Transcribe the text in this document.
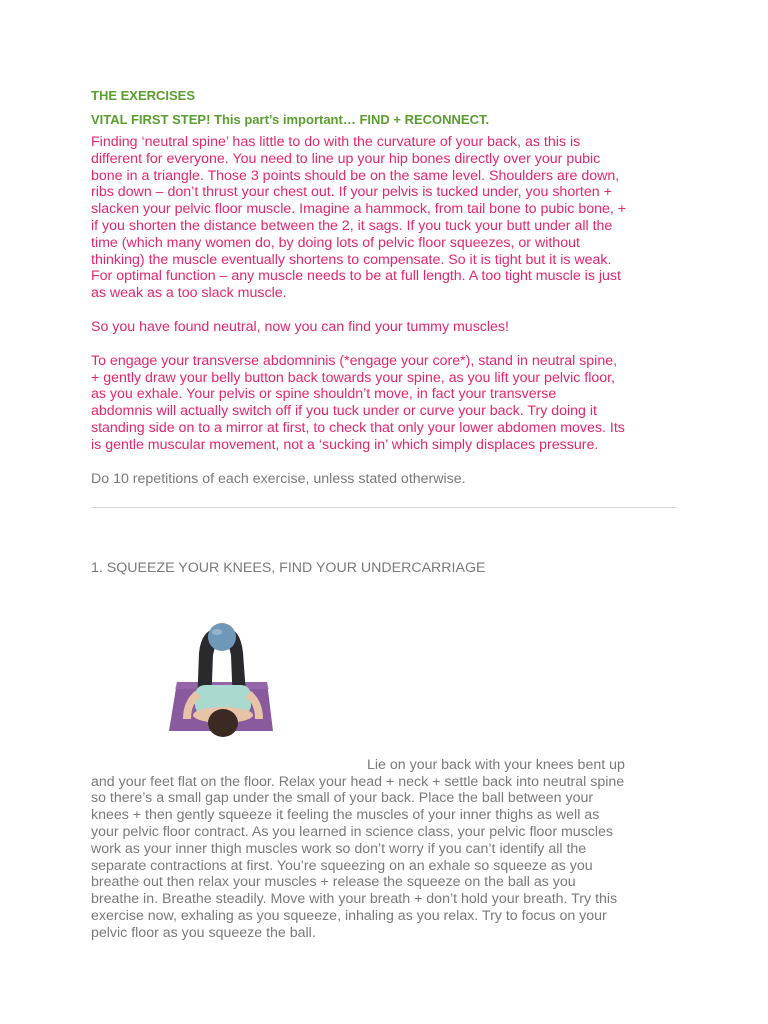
THE EXERCISES

VITAL FIRST STEP! This part’s important… FIND + RECONNECT.

Finding ‘neutral spine’ has little to do with the curvature of your back, as this is
different for everyone. You need to line up your hip bones directly over your pubic
bone in a triangle. Those 3 points should be on the same level. Shoulders are down,
ribs down – don’t thrust your chest out. If your pelvis is tucked under, you shorten +
slacken your pelvic floor muscle. Imagine a hammock, from tail bone to pubic bone, +
if you shorten the distance between the 2, it sags. If you tuck your butt under all the
time (which many women do, by doing lots of pelvic floor squeezes, or without
thinking) the muscle eventually shortens to compensate. So it is tight but it is weak.
For optimal function – any muscle needs to be at full length. A too tight muscle is just
as weak as a too slack muscle.

So you have found neutral, now you can find your tummy muscles!

To engage your transverse abdomninis (*engage your core*), stand in neutral spine,
+ gently draw your belly button back towards your spine, as you lift your pelvic floor,
as you exhale. Your pelvis or spine shouldn’t move, in fact your transverse
abdomnis will actually switch off if you tuck under or curve your back. Try doing it
standing side on to a mirror at first, to check that only your lower abdomen moves. Its
is gentle muscular movement, not a ‘sucking in’ which simply displaces pressure.

Do 10 repetitions of each exercise, unless stated otherwise.

1. SQUEEZE YOUR KNEES, FIND YOUR UNDERCARRIAGE

Lie on your back with your knees bent up
and your feet flat on the floor. Relax your head + neck + settle back into neutral spine
so there’s a small gap under the small of your back. Place the ball between your
knees + then gently squeeze it feeling the muscles of your inner thighs as well as
your pelvic floor contract. As you learned in science class, your pelvic floor muscles
work as your inner thigh muscles work so don’t worry if you can’t identify all the
separate contractions at first. You’re squeezing on an exhale so squeeze as you
breathe out then relax your muscles + release the squeeze on the ball as you
breathe in. Breathe steadily. Move with your breath + don’t hold your breath. Try this
exercise now, exhaling as you squeeze, inhaling as you relax. Try to focus on your
pelvic floor as you squeeze the ball.
